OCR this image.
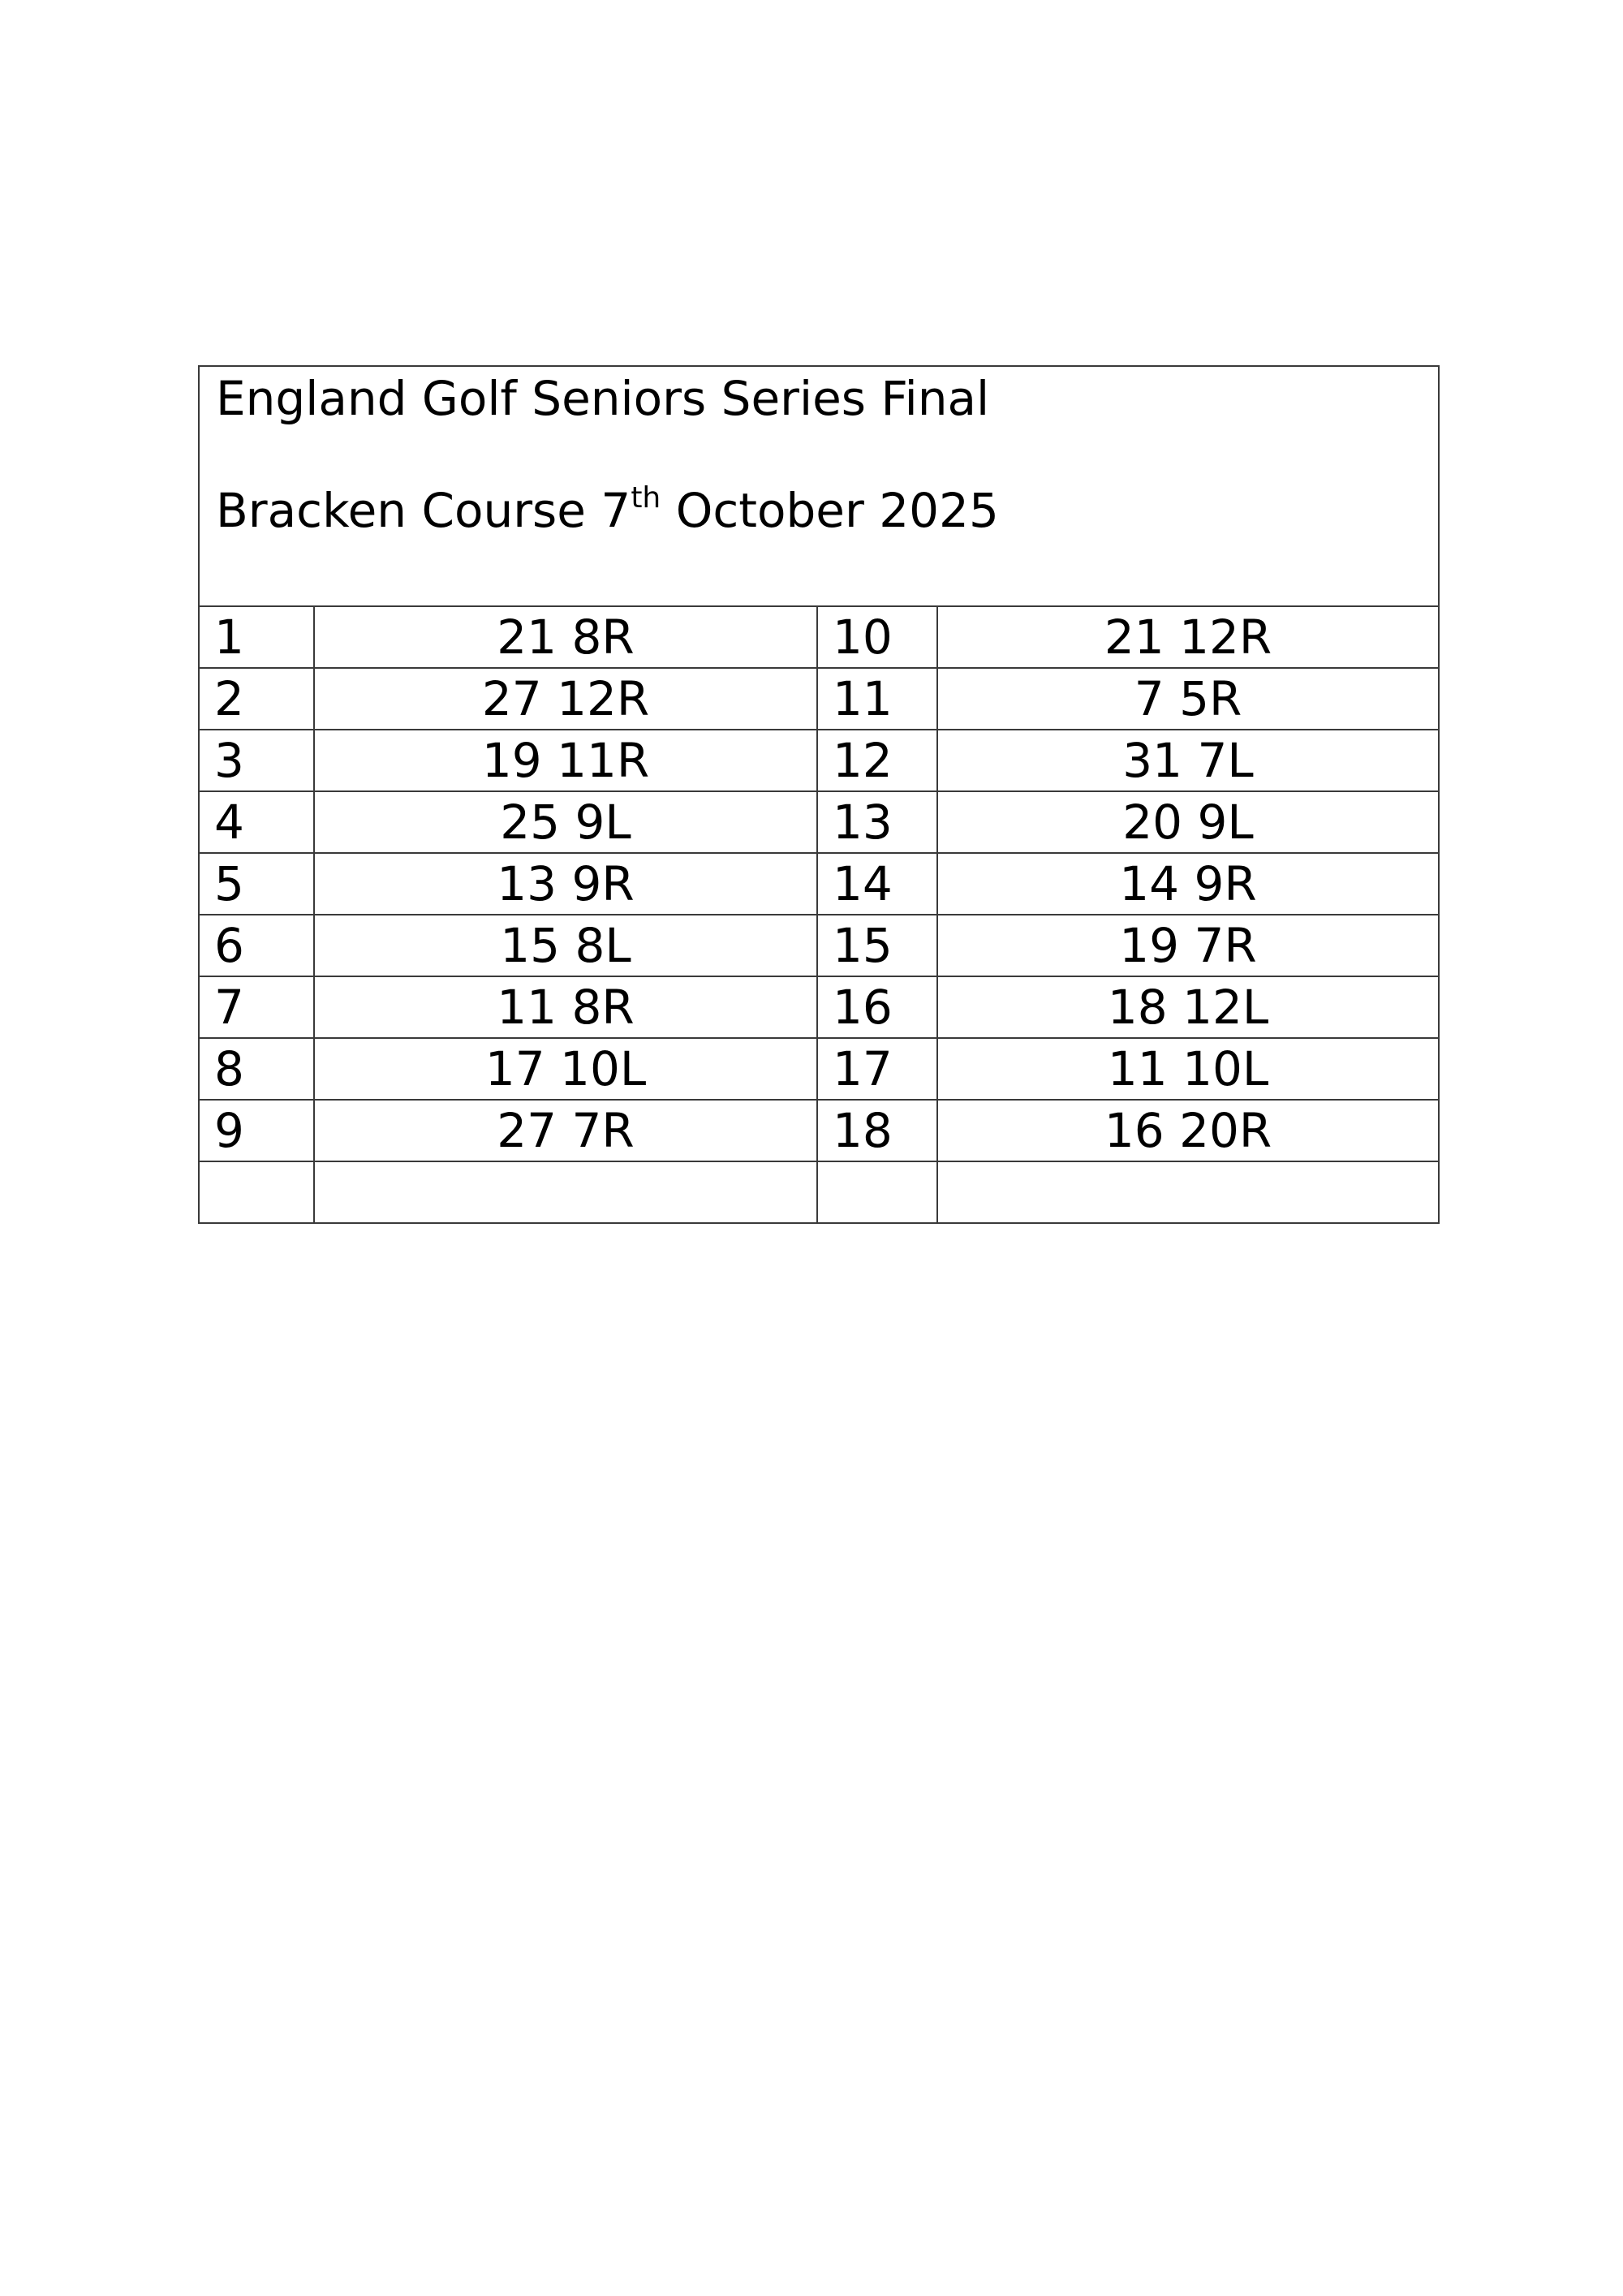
England Golf Seniors Series Final
Bracken Course 7th October 2025			

1	21 8R	10	21 12R
2	27 12R	11	7 5R
3	19 11R	12	31 7L
4	25 9L	13	20 9L
5	13 9R	14	14 9R
6	15 8L	15	19 7R
7	11 8R	16	18 12L
8	17 10L	17	11 10L
9	27 7R	18	16 20R
